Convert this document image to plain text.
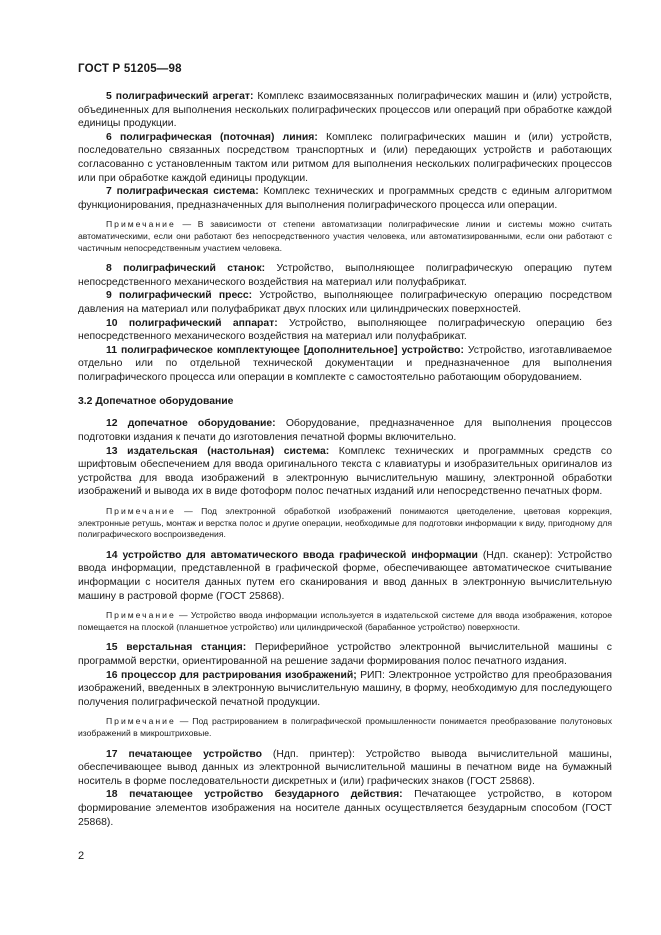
ГОСТ Р 51205—98

5 полиграфический агрегат: Комплекс взаимосвязанных полиграфических машин и (или) устройств, объединенных для выполнения нескольких полиграфических процессов или операций при обработке каждой единицы продукции.

6 полиграфическая (поточная) линия: Комплекс полиграфических машин и (или) устройств, последовательно связанных посредством транспортных и (или) передающих устройств и работающих согласованно с установленным тактом или ритмом для выполнения нескольких полиграфических процессов или при обработке каждой единицы продукции.

7 полиграфическая система: Комплекс технических и программных средств с единым алгоритмом функционирования, предназначенных для выполнения полиграфического процесса или операции.

Примечание — В зависимости от степени автоматизации полиграфические линии и системы можно считать автоматическими, если они работают без непосредственного участия человека, или автоматизированными, если они работают с частичным непосредственным участием человека.

8 полиграфический станок: Устройство, выполняющее полиграфическую операцию путем непосредственного механического воздействия на материал или полуфабрикат.

9 полиграфический пресс: Устройство, выполняющее полиграфическую операцию посредством давления на материал или полуфабрикат двух плоских или цилиндрических поверхностей.

10 полиграфический аппарат: Устройство, выполняющее полиграфическую операцию без непосредственного механического воздействия на материал или полуфабрикат.

11 полиграфическое комплектующее [дополнительное] устройство: Устройство, изготавливаемое отдельно или по отдельной технической документации и предназначенное для выполнения полиграфического процесса или операции в комплекте с самостоятельно работающим оборудованием.

3.2 Допечатное оборудование

12 допечатное оборудование: Оборудование, предназначенное для выполнения процессов подготовки издания к печати до изготовления печатной формы включительно.

13 издательская (настольная) система: Комплекс технических и программных средств со шрифтовым обеспечением для ввода оригинального текста с клавиатуры и изобразительных оригиналов из устройства для ввода изображений в электронную вычислительную машину, электронной обработки изображений и вывода их в виде фотоформ полос печатных изданий или непосредственно печатных форм.

Примечание — Под электронной обработкой изображений понимаются цветоделение, цветовая коррекция, электронные ретушь, монтаж и верстка полос и другие операции, необходимые для подготовки информации к виду, пригодному для полиграфического воспроизведения.

14 устройство для автоматического ввода графической информации (Ндп. сканер): Устройство ввода информации, представленной в графической форме, обеспечивающее автоматическое считывание информации с носителя данных путем его сканирования и ввод данных в электронную вычислительную машину в растровой форме (ГОСТ 25868).

Примечание — Устройство ввода информации используется в издательской системе для ввода изображения, которое помещается на плоской (планшетное устройство) или цилиндрической (барабанное устройство) поверхности.

15 верстальная станция: Периферийное устройство электронной вычислительной машины с программой верстки, ориентированной на решение задачи формирования полос печатного издания.

16 процессор для растрирования изображений; РИП: Электронное устройство для преобразования изображений, введенных в электронную вычислительную машину, в форму, необходимую для последующего получения полиграфической печатной продукции.

Примечание — Под растрированием в полиграфической промышленности понимается преобразование полутоновых изображений в микроштриховые.

17 печатающее устройство (Ндп. принтер): Устройство вывода вычислительной машины, обеспечивающее вывод данных из электронной вычислительной машины в печатном виде на бумажный носитель в форме последовательности дискретных и (или) графических знаков (ГОСТ 25868).

18 печатающее устройство безударного действия: Печатающее устройство, в котором формирование элементов изображения на носителе данных осуществляется безударным способом (ГОСТ 25868).

2
